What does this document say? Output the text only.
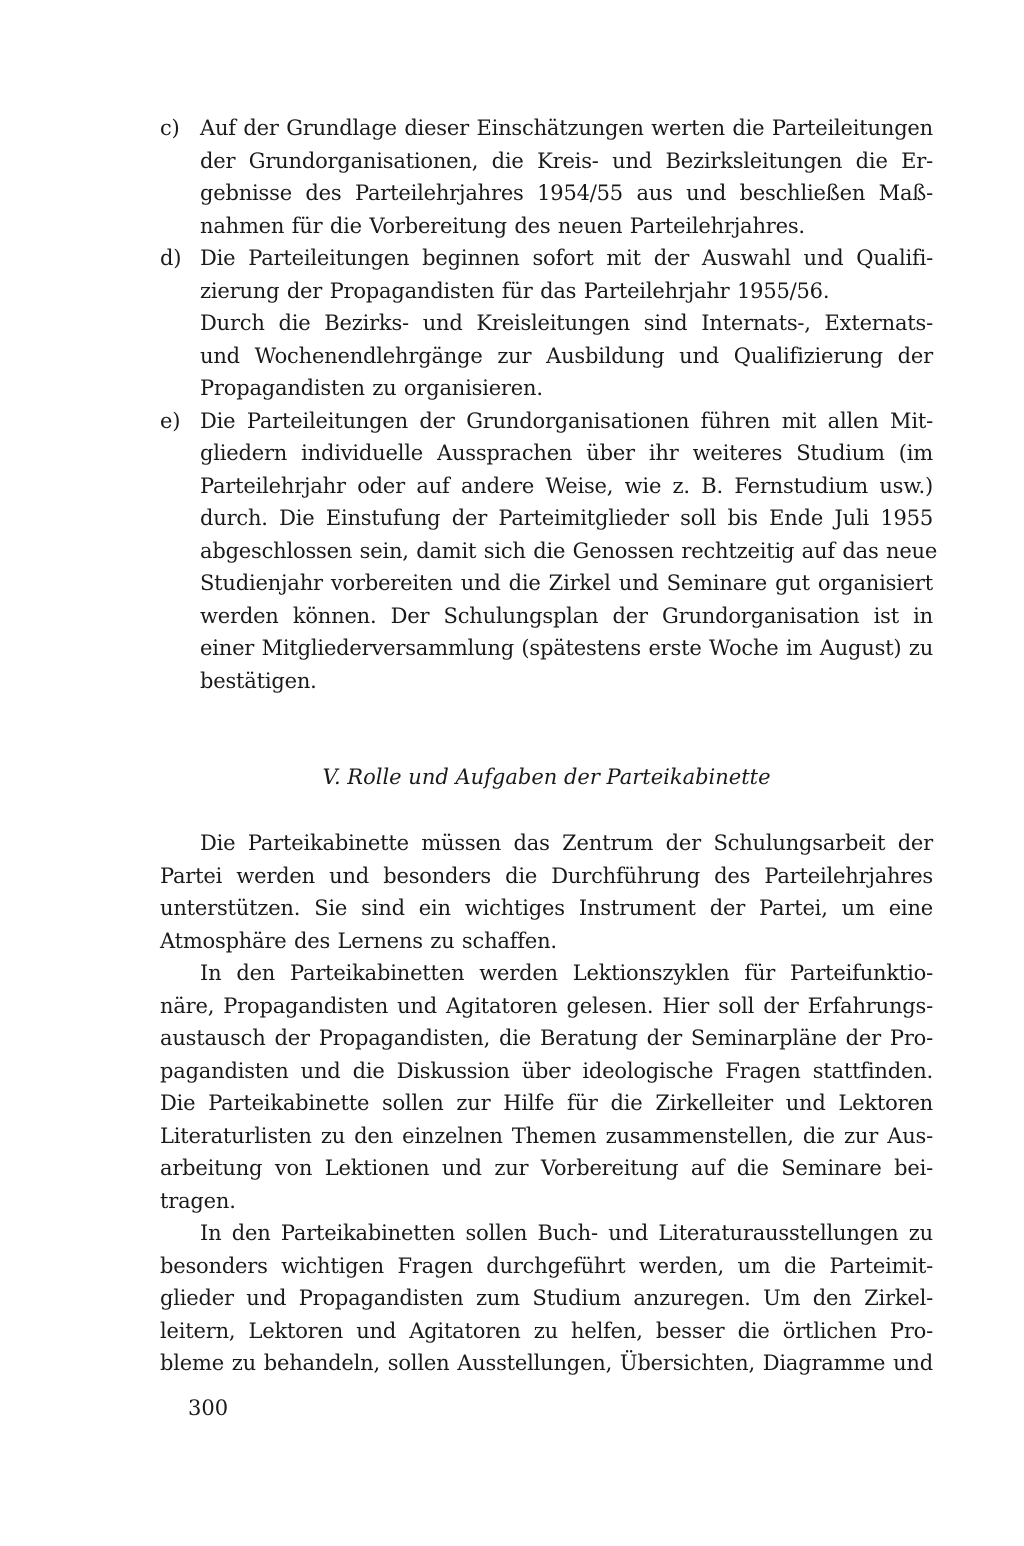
c) Auf der Grundlage dieser Einschätzungen werten die Parteileitungen
der Grundorganisationen, die Kreis- und Bezirksleitungen die Er-
gebnisse des Parteilehrjahres 1954/55 aus und beschließen Maß-
nahmen für die Vorbereitung des neuen Parteilehrjahres.
d) Die Parteileitungen beginnen sofort mit der Auswahl und Qualifi-
zierung der Propagandisten für das Parteilehrjahr 1955/56.
Durch die Bezirks- und Kreisleitungen sind Internats-, Externats-
und Wochenendlehrgänge zur Ausbildung und Qualifizierung der
Propagandisten zu organisieren.
e) Die Parteileitungen der Grundorganisationen führen mit allen Mit-
gliedern individuelle Aussprachen über ihr weiteres Studium (im
Parteilehrjahr oder auf andere Weise, wie z. B. Fernstudium usw.)
durch. Die Einstufung der Parteimitglieder soll bis Ende Juli 1955
abgeschlossen sein, damit sich die Genossen rechtzeitig auf das neue
Studienjahr vorbereiten und die Zirkel und Seminare gut organisiert
werden können. Der Schulungsplan der Grundorganisation ist in
einer Mitgliederversammlung (spätestens erste Woche im August) zu
bestätigen.
V. Rolle und Aufgaben der Parteikabinette
Die Parteikabinette müssen das Zentrum der Schulungsarbeit der
Partei werden und besonders die Durchführung des Parteilehrjahres
unterstützen. Sie sind ein wichtiges Instrument der Partei, um eine
Atmosphäre des Lernens zu schaffen.
In den Parteikabinetten werden Lektionszyklen für Parteifunktio-
näre, Propagandisten und Agitatoren gelesen. Hier soll der Erfahrungs-
austausch der Propagandisten, die Beratung der Seminarpläne der Pro-
pagandisten und die Diskussion über ideologische Fragen stattfinden.
Die Parteikabinette sollen zur Hilfe für die Zirkelleiter und Lektoren
Literaturlisten zu den einzelnen Themen zusammenstellen, die zur Aus-
arbeitung von Lektionen und zur Vorbereitung auf die Seminare bei-
tragen.
In den Parteikabinetten sollen Buch- und Literaturausstellungen zu
besonders wichtigen Fragen durchgeführt werden, um die Parteimit-
glieder und Propagandisten zum Studium anzuregen. Um den Zirkel-
leitern, Lektoren und Agitatoren zu helfen, besser die örtlichen Pro-
bleme zu behandeln, sollen Ausstellungen, Übersichten, Diagramme und
300
